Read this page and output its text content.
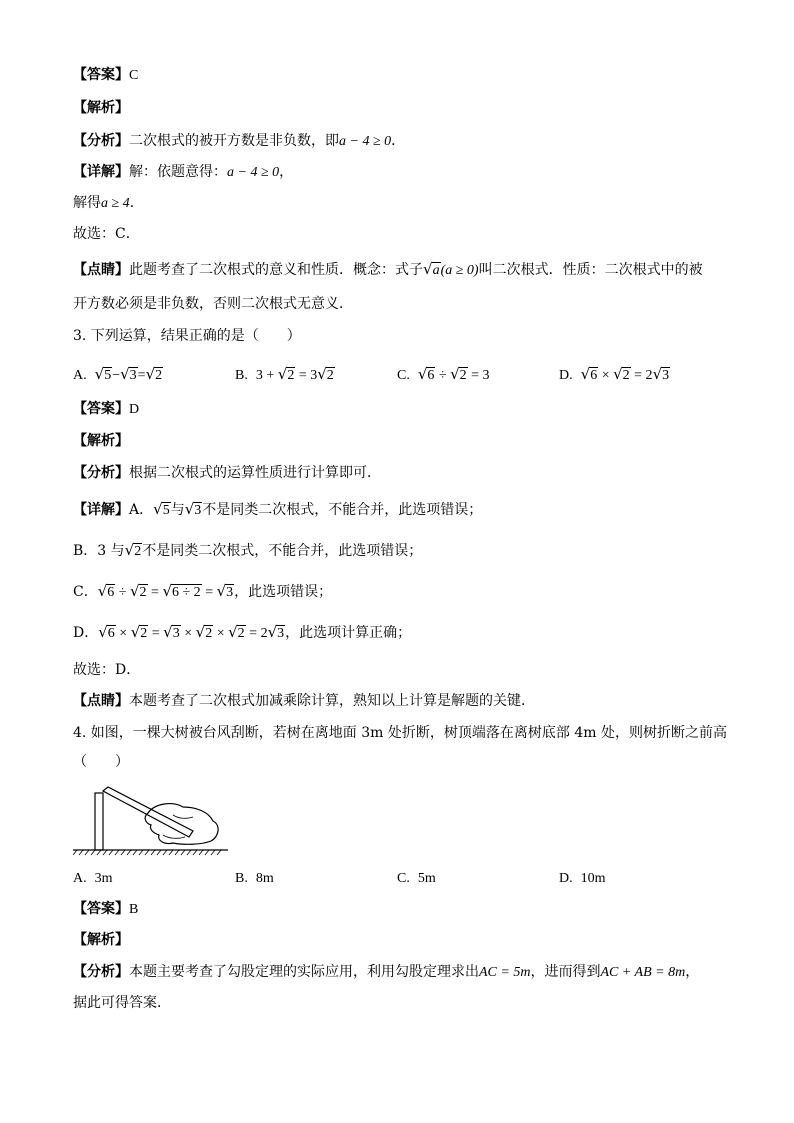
【答案】C
【解析】
【分析】二次根式的被开方数是非负数，即a − 4 ≥ 0．
【详解】解：依题意得：a − 4 ≥ 0，
解得a ≥ 4．
故选：C．
【点睛】此题考查了二次根式的意义和性质．概念：式子√a(a ≥ 0)叫二次根式．性质：二次根式中的被
开方数必须是非负数，否则二次根式无意义．
3. 下列运算，结果正确的是（　　）
A. √5−√3=√2	B. 3 + √2 = 3√2	C. √6 ÷ √2 = 3	D. √6 × √2 = 2√3
【答案】D
【解析】
【分析】根据二次根式的运算性质进行计算即可．
【详解】A．√5与√3不是同类二次根式，不能合并，此选项错误；
B．3 与√2不是同类二次根式，不能合并，此选项错误；
C．√6 ÷ √2 = √6 ÷ 2 = √3，此选项错误；
D．√6 × √2 = √3 × √2 × √2 = 2√3，此选项计算正确；
故选：D．
【点睛】本题考查了二次根式加减乘除计算，熟知以上计算是解题的关键．
4. 如图，一棵大树被台风刮断，若树在离地面 3m 处折断，树顶端落在离树底部 4m 处，则树折断之前高
（　　）
A. 3m	B. 8m	C. 5m	D. 10m
【答案】B
【解析】
【分析】本题主要考查了勾股定理的实际应用，利用勾股定理求出AC = 5m，进而得到AC + AB = 8m，
据此可得答案．
